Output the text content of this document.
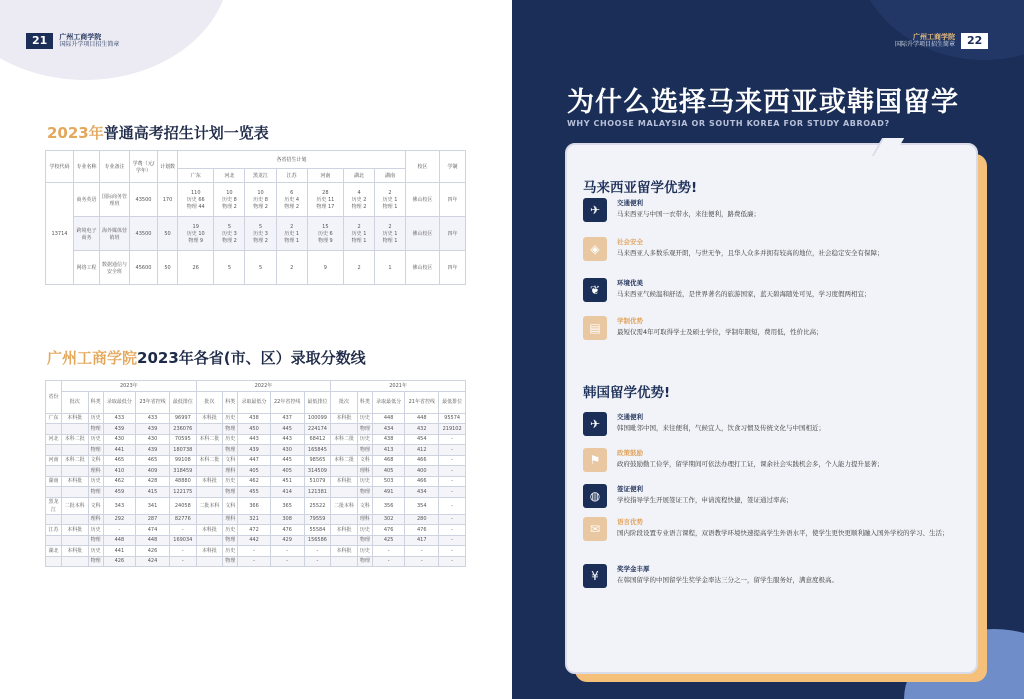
21	广州工商学院
国际升学项目招生简章
2023年普通高考招生计划一览表
学校代码	专业名称	专业备注	学费（元/学年）	计划数	各省招生计划							校区	学制
					广东	河北	黑龙江	江苏	河南	湖北	湖南		
13714	商务英语	国际商务管理班	43500	170	110
历史 66
物理 44	10
历史 8
物理 2	10
历史 8
物理 2	6
历史 4
物理 2	28
历史 11
物理 17	4
历史 2
物理 2	2
历史 1
物理 1	佛山校区	四年
	跨境电子商务	海外媒体营销班	43500	50	19
历史 10
物理 9	5
历史 3
物理 2	5
历史 3
物理 2	2
历史 1
物理 1	15
历史 6
物理 9	2
历史 1
物理 1	2
历史 1
物理 1	佛山校区	四年
	网络工程	数据通信与安全班	45600	50	26	5	5	2	9	2	1	佛山校区	四年
广州工商学院2023年各省(市、区）录取分数线
省份	2023年					2022年					2021年				
	批次	科类	录取最低分	23年省控线	最低排位	批次	科类	录取最低分	22年省控线	最低排位	批次	科类	录取最低分	21年省控线	最低排位
广东	本科批	历史	433	433	96997	本科批	历史	438	437	100099	本科批	历史	448	448	95574
		物理	439	439	236076		物理	450	445	224174		物理	434	432	219102
河北	本科二批	历史	430	430	70595	本科二批	历史	443	443	68412	本科二批	历史	438	454	-
		物理	441	439	180738		物理	439	430	165845		物理	413	412	-
河南	本科二批	文科	465	465	99108	本科二批	文科	447	445	98565	本科二批	文科	468	466	-
		理科	410	409	318459		理科	405	405	314509		理科	405	400	-
湖南	本科批	历史	462	428	48880	本科批	历史	462	451	51079	本科批	历史	503	466	-
		物理	459	415	122175		物理	455	414	121381		物理	491	434	-
黑龙江	二批本科	文科	343	341	24058	二批本科	文科	366	365	25522	二批本科	文科	356	354	-
		理科	292	287	82776		理科	321	308	79559		理科	302	280	-
江苏	本科批	历史	-	474	-	本科批	历史	472	476	55584	本科批	历史	476	476	-
		物理	448	448	169034		物理	442	429	156586		物理	425	417	-
湖北	本科批	历史	441	426	-	本科批	历史	-	-	-	本科批	历史	-	-	-
		物理	426	424	-		物理	-	-	-		物理	-	-	-
广州工商学院
国际升学项目招生简章	22
为什么选择马来西亚或韩国留学
WHY CHOOSE MALAYSIA OR SOUTH KOREA FOR STUDY ABROAD?
马来西亚留学优势!
✈	交通便利
马来西亚与中国一衣带水，来往便利，路费低廉；
◈	社会安全
马来西亚人多数乐观开朗，与世无争，且华人众多并拥有较高的地位，社会稳定安全有保障；
❦	环境优美
马来西亚气候温和舒适，是世界著名的旅游国家，蓝天碧海随处可见，学习度假两相宜；
▤	学制优势
最短仅需4年可取得学士及硕士学位，学制年限短，费用低，性价比高；
韩国留学优势!
✈	交通便利
韩国毗邻中国，来往便利，气候宜人，饮食习惯及传统文化与中国相近；
⚑	政策鼓励
政府鼓励勤工俭学，留学期间可依法办理打工证，课余社会实践机会多，个人能力提升显著；
◍	签证便利
学校指导学生开展签证工作，申请流程快捷，签证通过率高；
✉	语言优势
国内阶段设置专业语言课程，双语教学环境快速提高学生外语水平，使学生更快更顺利融入国外学校的学习、生活；
¥	奖学金丰厚
在韩国留学的中国留学生奖学金率达三分之一，留学生服务好，满意度极高。
